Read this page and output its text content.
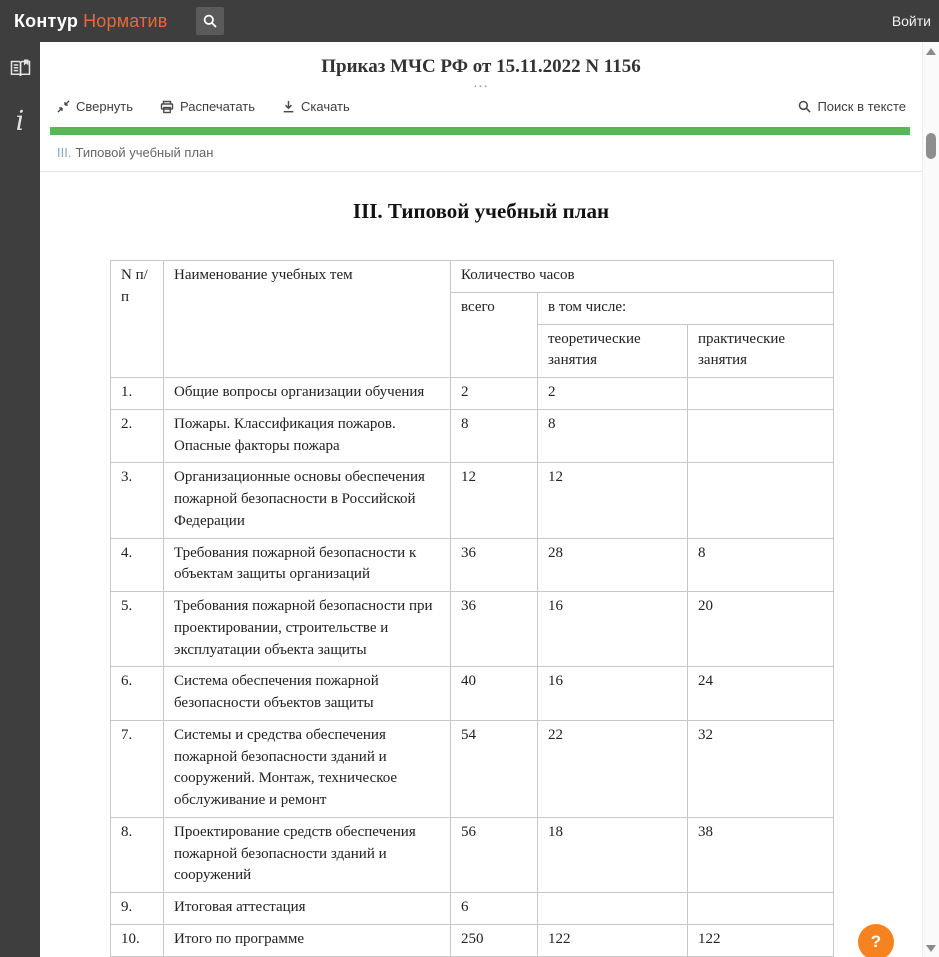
Контур Норматив	Войти
i
Приказ МЧС РФ от 15.11.2022 N 1156
...
Свернуть	Распечатать	Скачать	Поиск в тексте
III. Типовой учебный план
III. Типовой учебный план
N п/п	Наименование учебных тем	Количество часов		
		всего	в том числе:	
			теоретические занятия	практические занятия
1.	Общие вопросы организации обучения	2	2	
2.	Пожары. Классификация пожаров. Опасные факторы пожара	8	8	
3.	Организационные основы обеспечения пожарной безопасности в Российской Федерации	12	12	
4.	Требования пожарной безопасности к объектам защиты организаций	36	28	8
5.	Требования пожарной безопасности при проектировании, строительстве и эксплуатации объекта защиты	36	16	20
6.	Система обеспечения пожарной безопасности объектов защиты	40	16	24
7.	Системы и средства обеспечения пожарной безопасности зданий и сооружений. Монтаж, техническое обслуживание и ремонт	54	22	32
8.	Проектирование средств обеспечения пожарной безопасности зданий и сооружений	56	18	38
9.	Итоговая аттестация	6		
10.	Итого по программе	250	122	122	?
